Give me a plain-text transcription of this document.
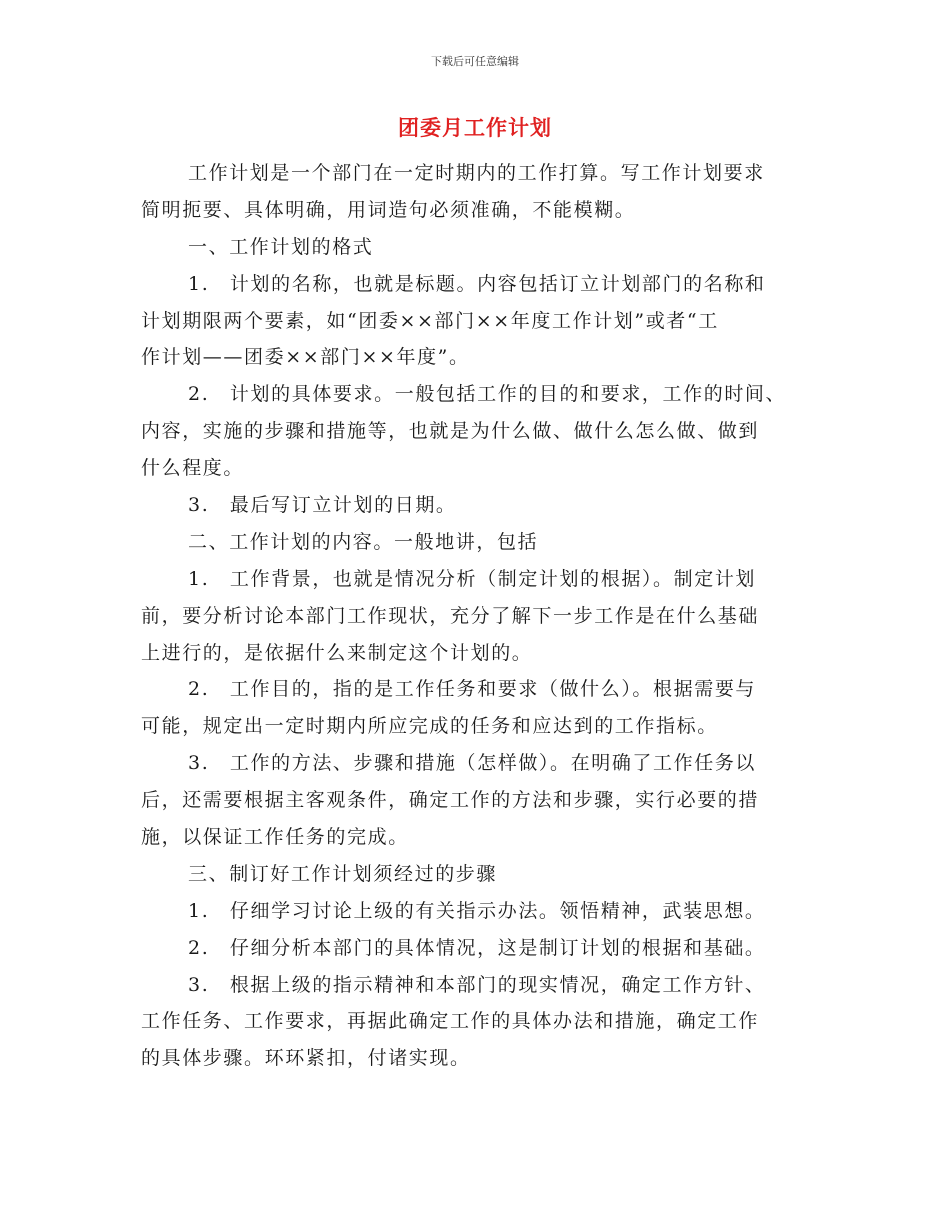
下载后可任意编辑
团委月工作计划
工作计划是一个部门在一定时期内的工作打算。写工作计划要求
简明扼要、具体明确，用词造句必须准确，不能模糊。
一、工作计划的格式
1.　计划的名称，也就是标题。内容包括订立计划部门的名称和
计划期限两个要素，如“团委××部门××年度工作计划”或者“工
作计划——团委××部门××年度”。
2.　计划的具体要求。一般包括工作的目的和要求，工作的时间、
内容，实施的步骤和措施等，也就是为什么做、做什么怎么做、做到
什么程度。
3.　最后写订立计划的日期。
二、工作计划的内容。一般地讲，包括
1.　工作背景，也就是情况分析（制定计划的根据）。制定计划
前，要分析讨论本部门工作现状，充分了解下一步工作是在什么基础
上进行的，是依据什么来制定这个计划的。
2.　工作目的，指的是工作任务和要求（做什么）。根据需要与
可能，规定出一定时期内所应完成的任务和应达到的工作指标。
3.　工作的方法、步骤和措施（怎样做）。在明确了工作任务以
后，还需要根据主客观条件，确定工作的方法和步骤，实行必要的措
施，以保证工作任务的完成。
三、制订好工作计划须经过的步骤
1.　仔细学习讨论上级的有关指示办法。领悟精神，武装思想。
2.　仔细分析本部门的具体情况，这是制订计划的根据和基础。
3.　根据上级的指示精神和本部门的现实情况，确定工作方针、
工作任务、工作要求，再据此确定工作的具体办法和措施，确定工作
的具体步骤。环环紧扣，付诸实现。
